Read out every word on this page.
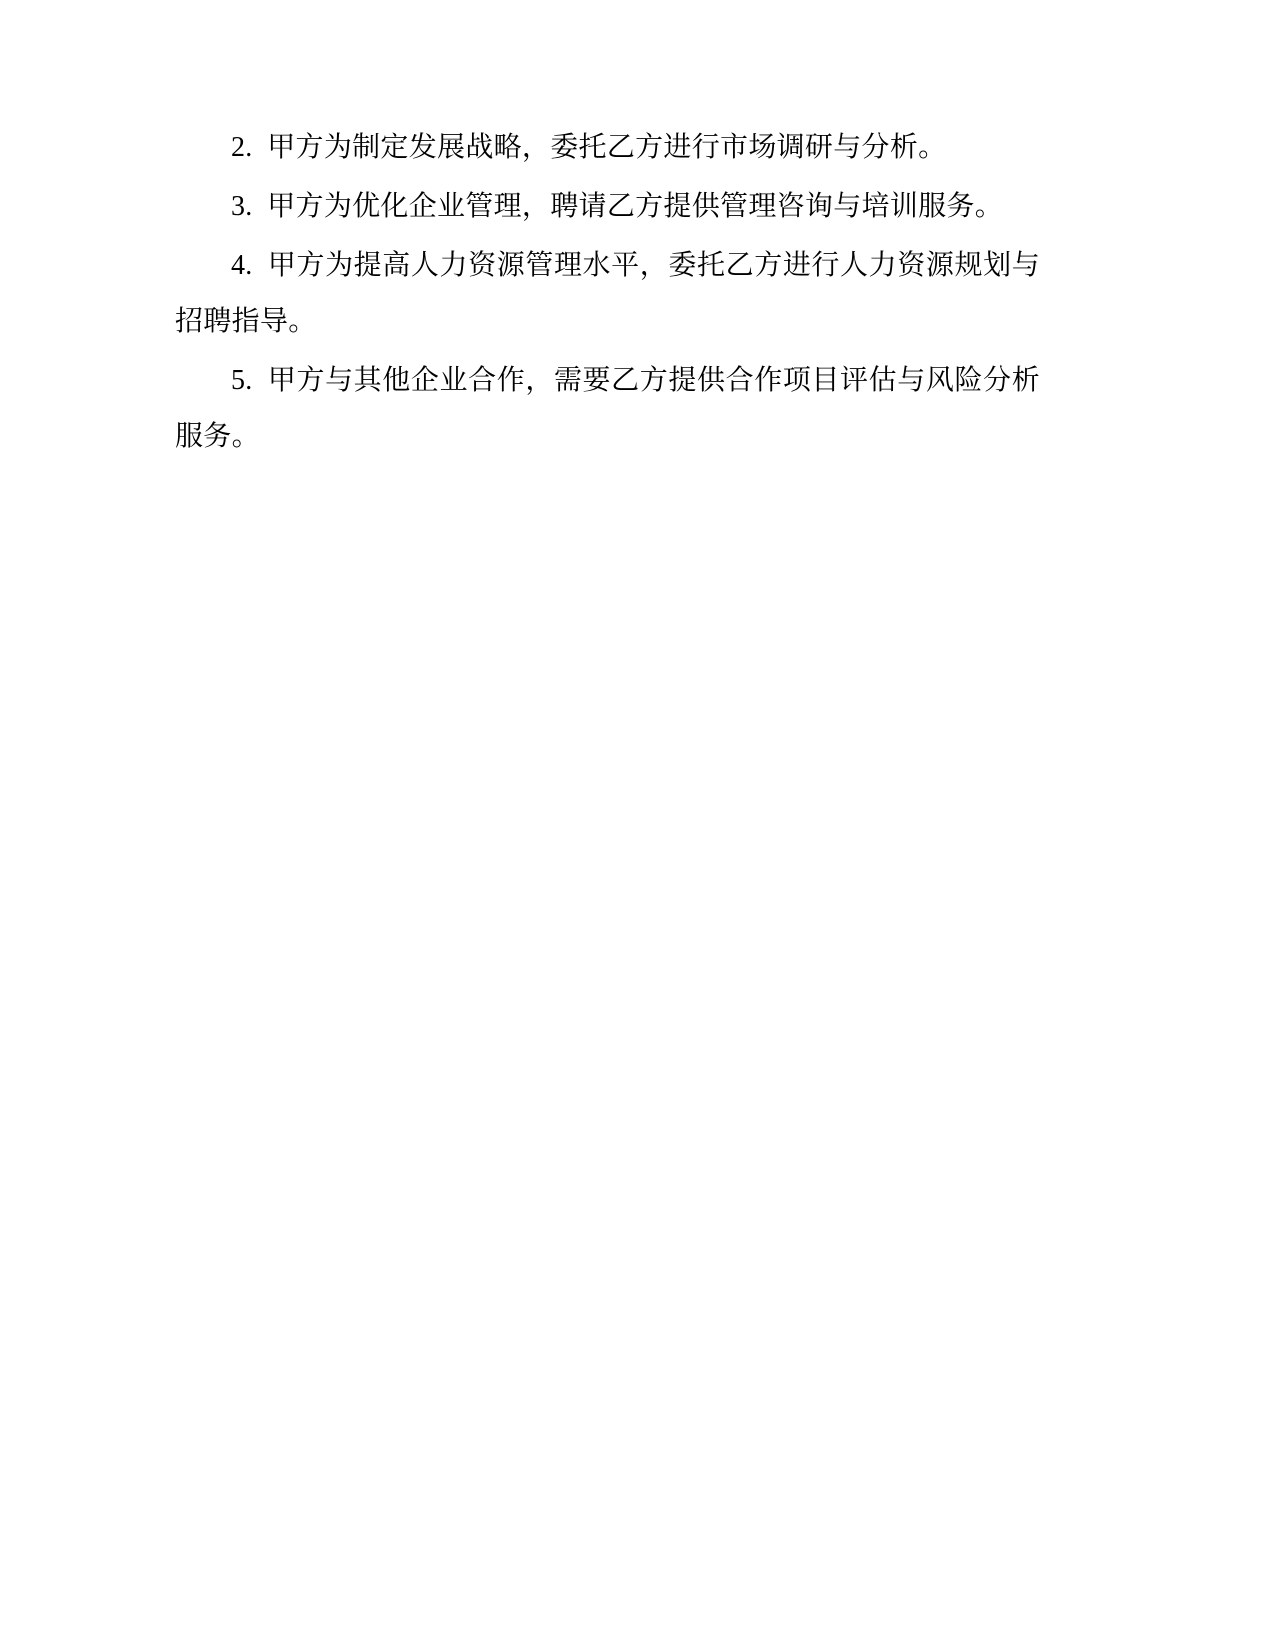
2. 甲方为制定发展战略，委托乙方进行市场调研与分析。

3. 甲方为优化企业管理，聘请乙方提供管理咨询与培训服务。

4. 甲方为提高人力资源管理水平，委托乙方进行人力资源规划与招聘指导。

5. 甲方与其他企业合作，需要乙方提供合作项目评估与风险分析服务。
